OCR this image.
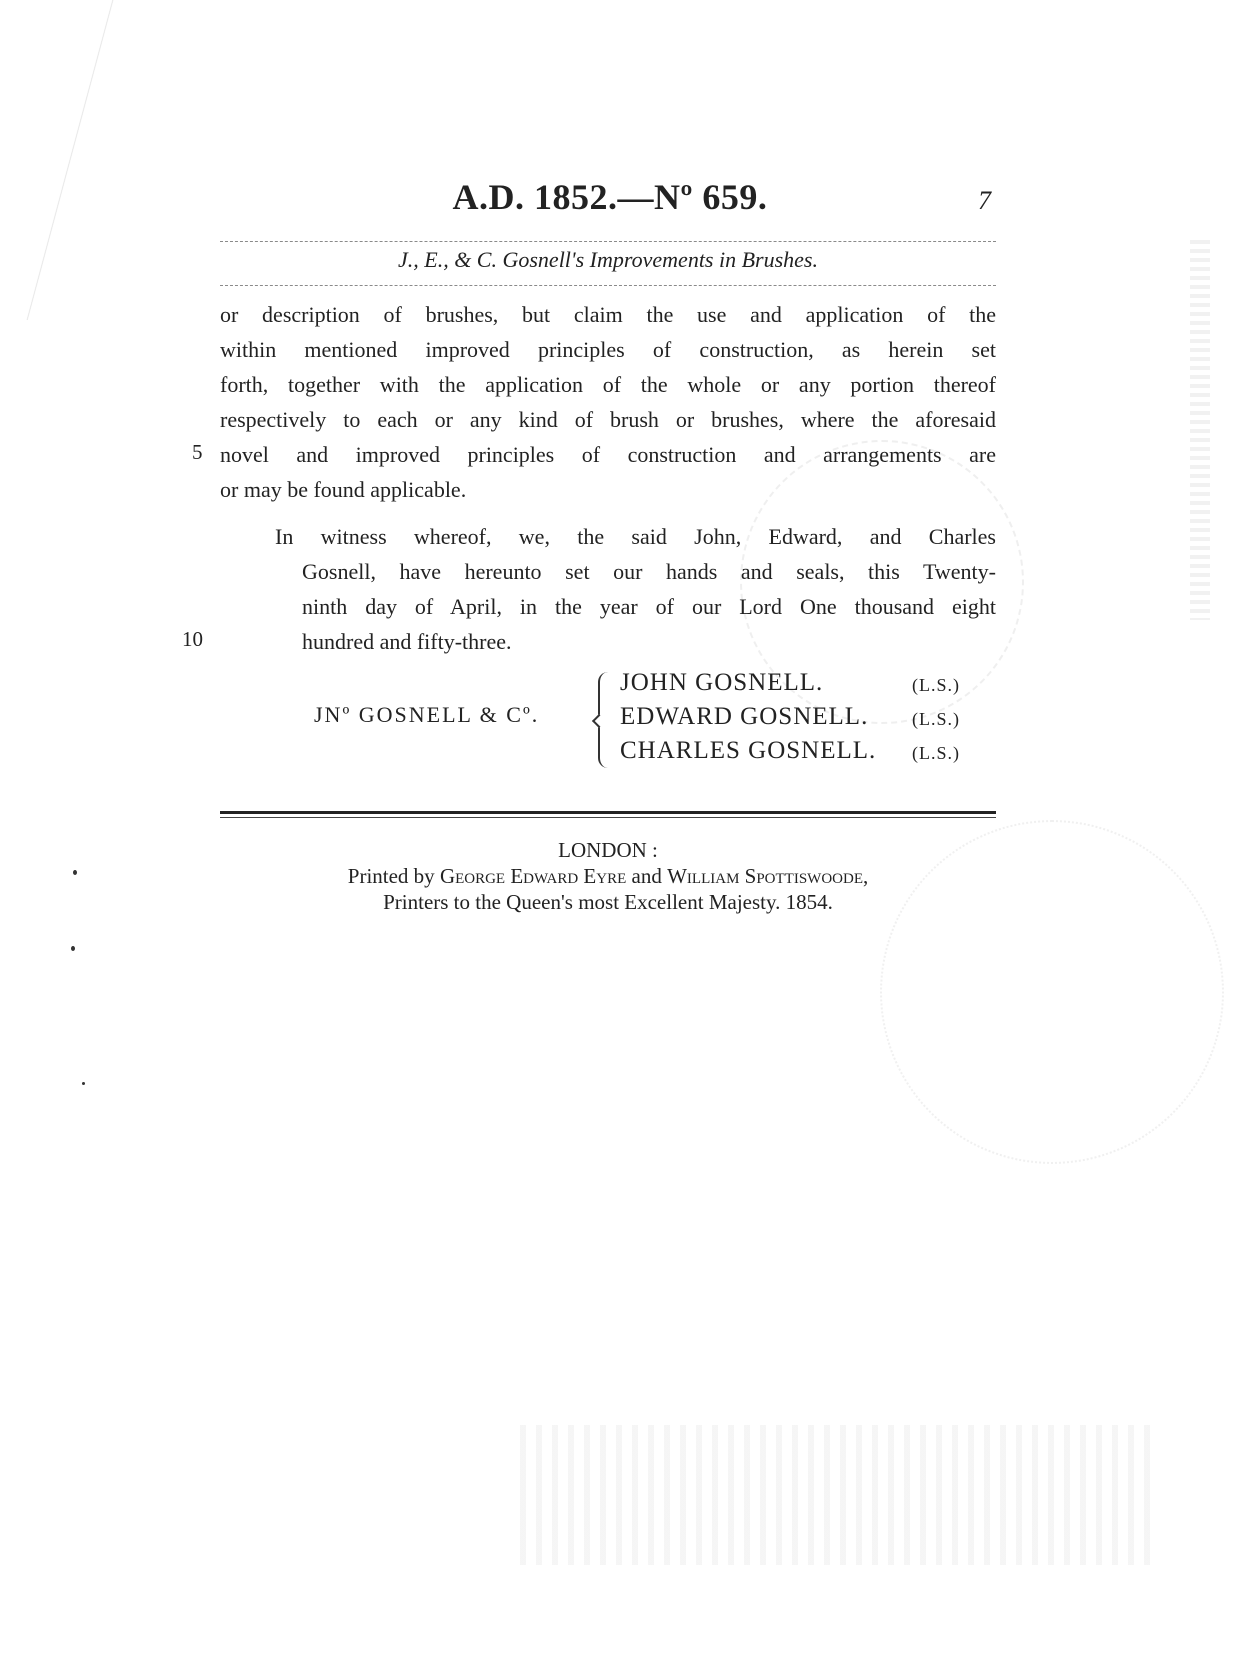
A.D. 1852.—Nº 659.	7
J., E., & C. Gosnell's Improvements in Brushes.
or description of brushes, but claim the use and application of the
within mentioned improved principles of construction, as herein set
forth, together with the application of the whole or any portion thereof
respectively to each or any kind of brush or brushes, where the aforesaid
5 novel and improved principles of construction and arrangements are
or may be found applicable.
In witness whereof, we, the said John, Edward, and Charles
Gosnell, have hereunto set our hands and seals, this Twenty-
ninth day of April, in the year of our Lord One thousand eight
10	hundred and fifty-three.
JNº GOSNELL & Cº.
JOHN GOSNELL.	(L.S.)
EDWARD GOSNELL. (L.S.)
CHARLES GOSNELL. (L.S.)
LONDON :
Printed by George Edward Eyre and William Spottiswoode,
Printers to the Queen's most Excellent Majesty. 1854.
